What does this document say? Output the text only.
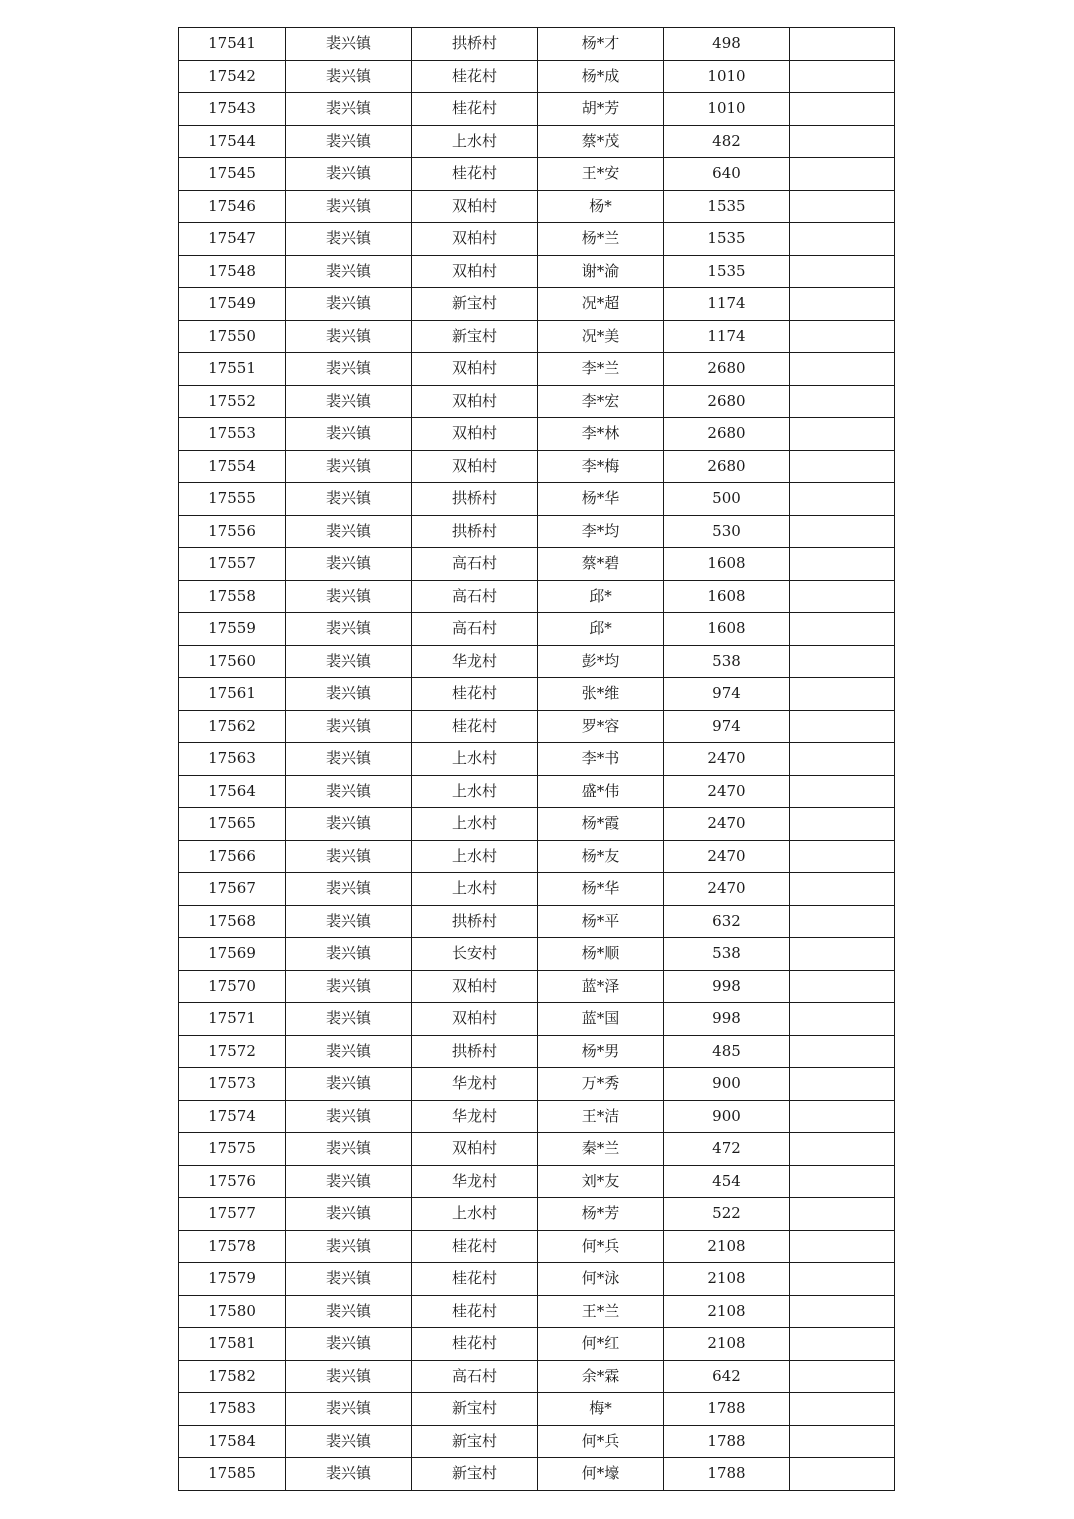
17541	裴兴镇	拱桥村	杨*才	498	
17542	裴兴镇	桂花村	杨*成	1010	
17543	裴兴镇	桂花村	胡*芳	1010	
17544	裴兴镇	上水村	蔡*茂	482	
17545	裴兴镇	桂花村	王*安	640	
17546	裴兴镇	双柏村	杨*	1535	
17547	裴兴镇	双柏村	杨*兰	1535	
17548	裴兴镇	双柏村	谢*渝	1535	
17549	裴兴镇	新宝村	况*超	1174	
17550	裴兴镇	新宝村	况*美	1174	
17551	裴兴镇	双柏村	李*兰	2680	
17552	裴兴镇	双柏村	李*宏	2680	
17553	裴兴镇	双柏村	李*林	2680	
17554	裴兴镇	双柏村	李*梅	2680	
17555	裴兴镇	拱桥村	杨*华	500	
17556	裴兴镇	拱桥村	李*均	530	
17557	裴兴镇	高石村	蔡*碧	1608	
17558	裴兴镇	高石村	邱*	1608	
17559	裴兴镇	高石村	邱*	1608	
17560	裴兴镇	华龙村	彭*均	538	
17561	裴兴镇	桂花村	张*维	974	
17562	裴兴镇	桂花村	罗*容	974	
17563	裴兴镇	上水村	李*书	2470	
17564	裴兴镇	上水村	盛*伟	2470	
17565	裴兴镇	上水村	杨*霞	2470	
17566	裴兴镇	上水村	杨*友	2470	
17567	裴兴镇	上水村	杨*华	2470	
17568	裴兴镇	拱桥村	杨*平	632	
17569	裴兴镇	长安村	杨*顺	538	
17570	裴兴镇	双柏村	蓝*泽	998	
17571	裴兴镇	双柏村	蓝*国	998	
17572	裴兴镇	拱桥村	杨*男	485	
17573	裴兴镇	华龙村	万*秀	900	
17574	裴兴镇	华龙村	王*洁	900	
17575	裴兴镇	双柏村	秦*兰	472	
17576	裴兴镇	华龙村	刘*友	454	
17577	裴兴镇	上水村	杨*芳	522	
17578	裴兴镇	桂花村	何*兵	2108	
17579	裴兴镇	桂花村	何*泳	2108	
17580	裴兴镇	桂花村	王*兰	2108	
17581	裴兴镇	桂花村	何*红	2108	
17582	裴兴镇	高石村	余*霖	642	
17583	裴兴镇	新宝村	梅*	1788	
17584	裴兴镇	新宝村	何*兵	1788	
17585	裴兴镇	新宝村	何*壕	1788	
